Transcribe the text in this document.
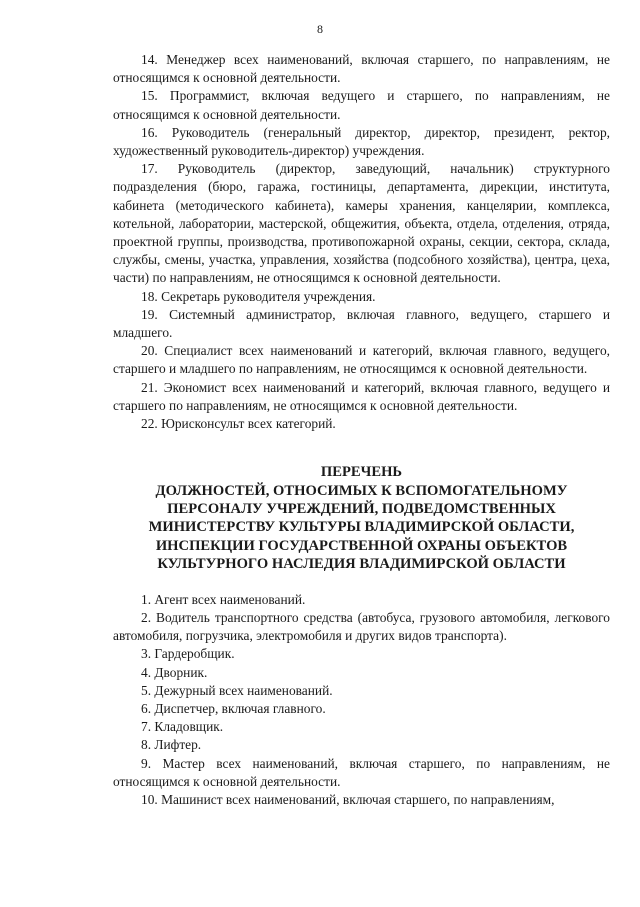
8

14. Менеджер всех наименований, включая старшего, по направлениям, не относящимся к основной деятельности.

15. Программист, включая ведущего и старшего, по направлениям, не относящимся к основной деятельности.

16. Руководитель (генеральный директор, директор, президент, ректор, художественный руководитель-директор) учреждения.

17. Руководитель (директор, заведующий, начальник) структурного подразделения (бюро, гаража, гостиницы, департамента, дирекции, института, кабинета (методического кабинета), камеры хранения, канцелярии, комплекса, котельной, лаборатории, мастерской, общежития, объекта, отдела, отделения, отряда, проектной группы, производства, противопожарной охраны, секции, сектора, склада, службы, смены, участка, управления, хозяйства (подсобного хозяйства), центра, цеха, части) по направлениям, не относящимся к основной деятельности.

18. Секретарь руководителя учреждения.

19. Системный администратор, включая главного, ведущего, старшего и младшего.

20. Специалист всех наименований и категорий, включая главного, ведущего, старшего и младшего по направлениям, не относящимся к основной деятельности.

21. Экономист всех наименований и категорий, включая главного, ведущего и старшего по направлениям, не относящимся к основной деятельности.

22. Юрисконсульт всех категорий.

ПЕРЕЧЕНЬ
ДОЛЖНОСТЕЙ, ОТНОСИМЫХ К ВСПОМОГАТЕЛЬНОМУ
ПЕРСОНАЛУ УЧРЕЖДЕНИЙ, ПОДВЕДОМСТВЕННЫХ
МИНИСТЕРСТВУ КУЛЬТУРЫ ВЛАДИМИРСКОЙ ОБЛАСТИ,
ИНСПЕКЦИИ ГОСУДАРСТВЕННОЙ ОХРАНЫ ОБЪЕКТОВ
КУЛЬТУРНОГО НАСЛЕДИЯ ВЛАДИМИРСКОЙ ОБЛАСТИ

1. Агент всех наименований.

2. Водитель транспортного средства (автобуса, грузового автомобиля, легкового автомобиля, погрузчика, электромобиля и других видов транспорта).

3. Гардеробщик.

4. Дворник.

5. Дежурный всех наименований.

6. Диспетчер, включая главного.

7. Кладовщик.

8. Лифтер.

9. Мастер всех наименований, включая старшего, по направлениям, не относящимся к основной деятельности.

10. Машинист всех наименований, включая старшего, по направлениям,
